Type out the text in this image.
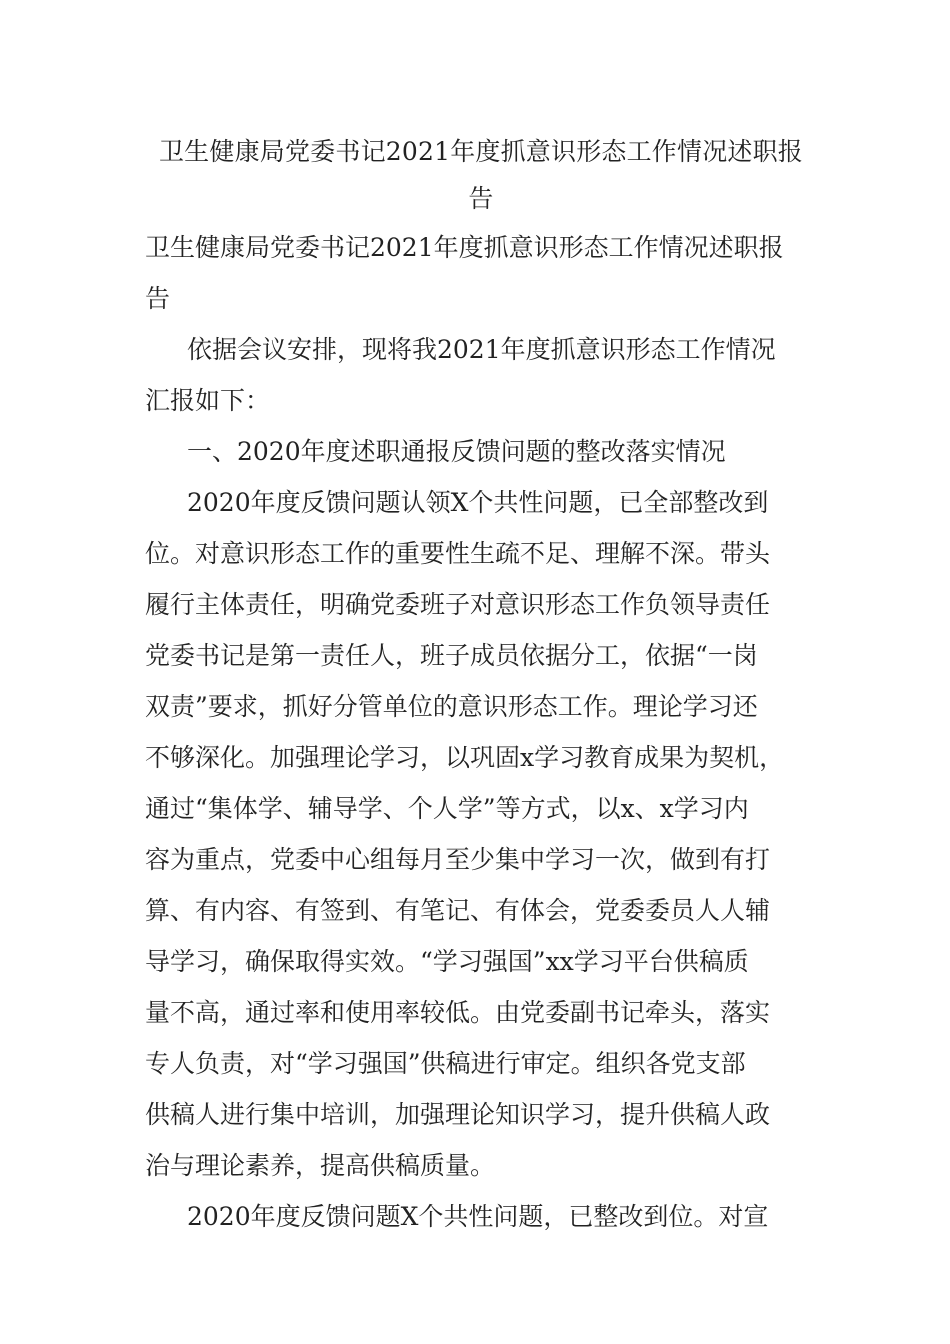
卫生健康局党委书记2021年度抓意识形态工作情况述职报
告
卫生健康局党委书记2021年度抓意识形态工作情况述职报
告
依据会议安排，现将我2021年度抓意识形态工作情况
汇报如下：
一、2020年度述职通报反馈问题的整改落实情况
2020年度反馈问题认领X个共性问题，已全部整改到
位。对意识形态工作的重要性生疏不足、理解不深。带头
履行主体责任，明确党委班子对意识形态工作负领导责任
党委书记是第一责任人，班子成员依据分工，依据“一岗
双责”要求，抓好分管单位的意识形态工作。理论学习还
不够深化。加强理论学习，以巩固x学习教育成果为契机，
通过“集体学、辅导学、个人学”等方式，以x、x学习内
容为重点，党委中心组每月至少集中学习一次，做到有打
算、有内容、有签到、有笔记、有体会，党委委员人人辅
导学习，确保取得实效。“学习强国”xx学习平台供稿质
量不高，通过率和使用率较低。由党委副书记牵头，落实
专人负责，对“学习强国”供稿进行审定。组织各党支部
供稿人进行集中培训，加强理论知识学习，提升供稿人政
治与理论素养，提高供稿质量。
2020年度反馈问题X个共性问题，已整改到位。对宣
